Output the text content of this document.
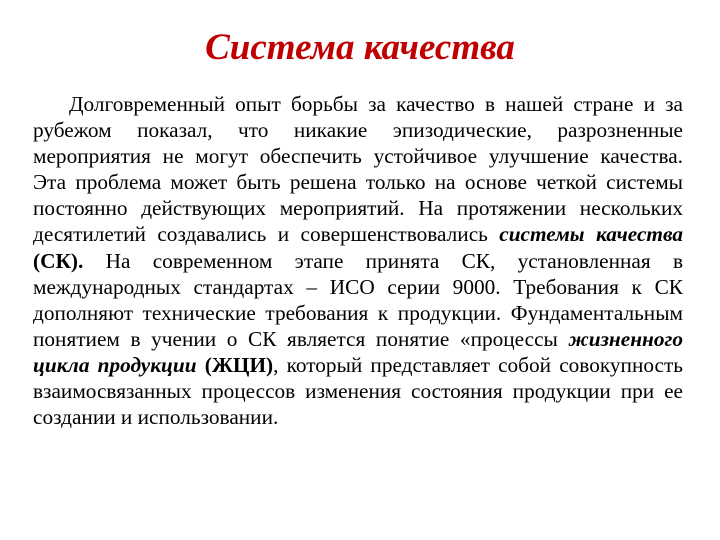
Система качества

Долговременный опыт борьбы за качество в нашей стране и за рубежом показал, что никакие эпизодические, разрозненные мероприятия не могут обеспечить устойчивое улучшение качества. Эта проблема может быть решена только на основе четкой системы постоянно действующих мероприятий. На протяжении нескольких десятилетий создавались и совершенствовались системы качества (СК). На современном этапе принята СК, установленная в международных стандартах – ИСО серии 9000. Требования к СК дополняют технические требования к продукции. Фундаментальным понятием в учении о СК является понятие «процессы жизненного цикла продукции (ЖЦИ), который представляет собой совокупность взаимосвязанных процессов изменения состояния продукции при ее создании и использовании.
